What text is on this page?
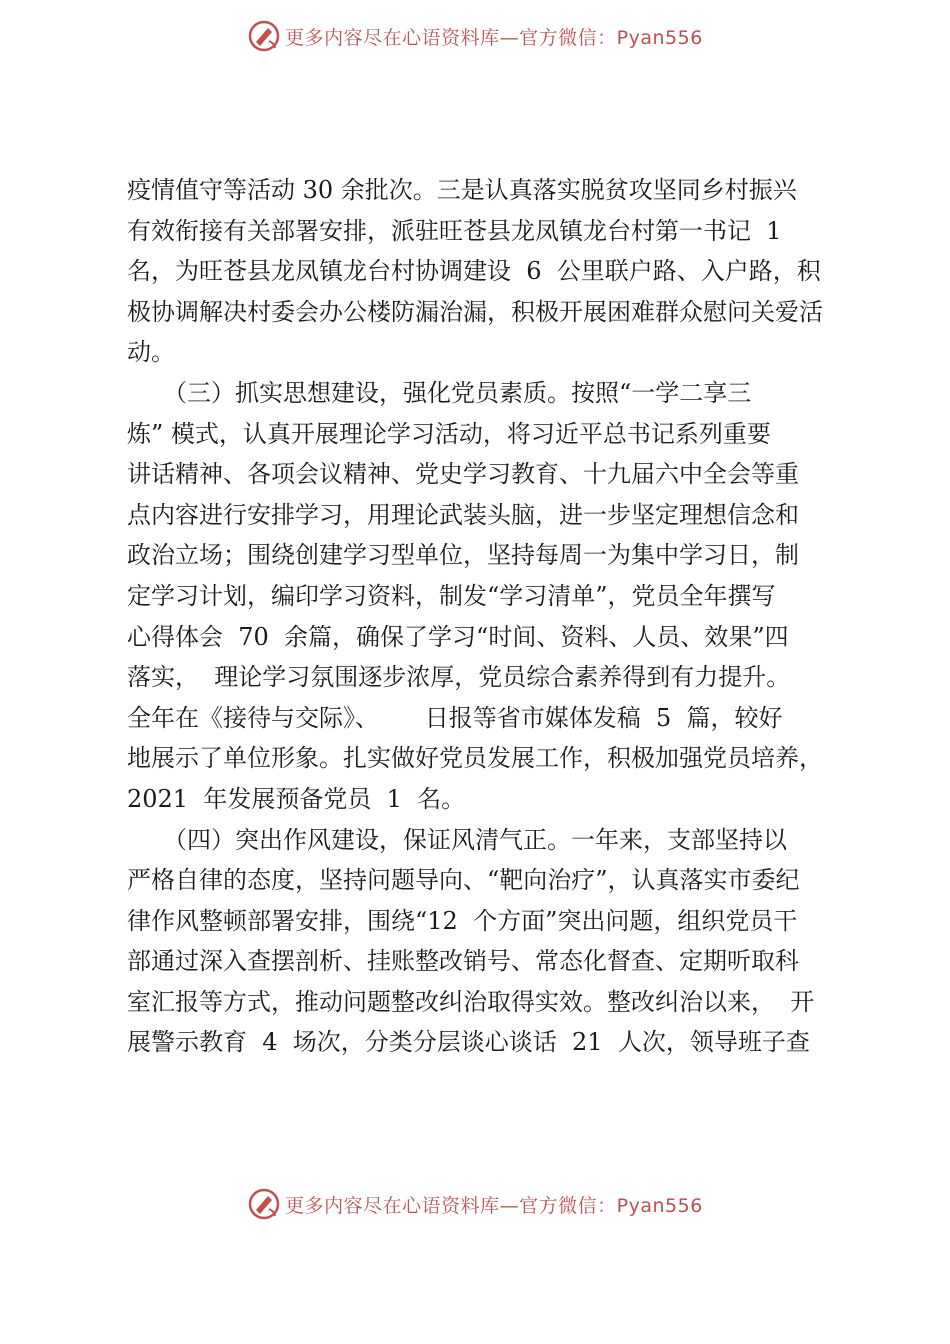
更多内容尽在心语资料库—官方微信：Pyan556
疫情值守等活动 30 余批次。三是认真落实脱贫攻坚同乡村振兴
有效衔接有关部署安排，派驻旺苍县龙凤镇龙台村第一书记  1
名，为旺苍县龙凤镇龙台村协调建设  6  公里联户路、入户路，积
极协调解决村委会办公楼防漏治漏，积极开展困难群众慰问关爱活
动。
（三）抓实思想建设，强化党员素质。按照“一学二享三
炼” 模式，认真开展理论学习活动，将习近平总书记系列重要
讲话精神、各项会议精神、党史学习教育、十九届六中全会等重
点内容进行安排学习，用理论武装头脑，进一步坚定理想信念和
政治立场；围绕创建学习型单位，坚持每周一为集中学习日，制
定学习计划，编印学习资料，制发“学习清单”，党员全年撰写
心得体会  70  余篇，确保了学习“时间、资料、人员、效果”四
落实，  理论学习氛围逐步浓厚，党员综合素养得到有力提升。
全年在《接待与交际》、      日报等省市媒体发稿  5  篇，较好
地展示了单位形象。扎实做好党员发展工作，积极加强党员培养，
2021  年发展预备党员  1  名。
（四）突出作风建设，保证风清气正。一年来，支部坚持以
严格自律的态度，坚持问题导向、“靶向治疗”，认真落实市委纪
律作风整顿部署安排，围绕“12  个方面”突出问题，组织党员干
部通过深入查摆剖析、挂账整改销号、常态化督查、定期听取科
室汇报等方式，推动问题整改纠治取得实效。整改纠治以来，  开
展警示教育  4  场次，分类分层谈心谈话  21  人次，领导班子查
更多内容尽在心语资料库—官方微信：Pyan556
